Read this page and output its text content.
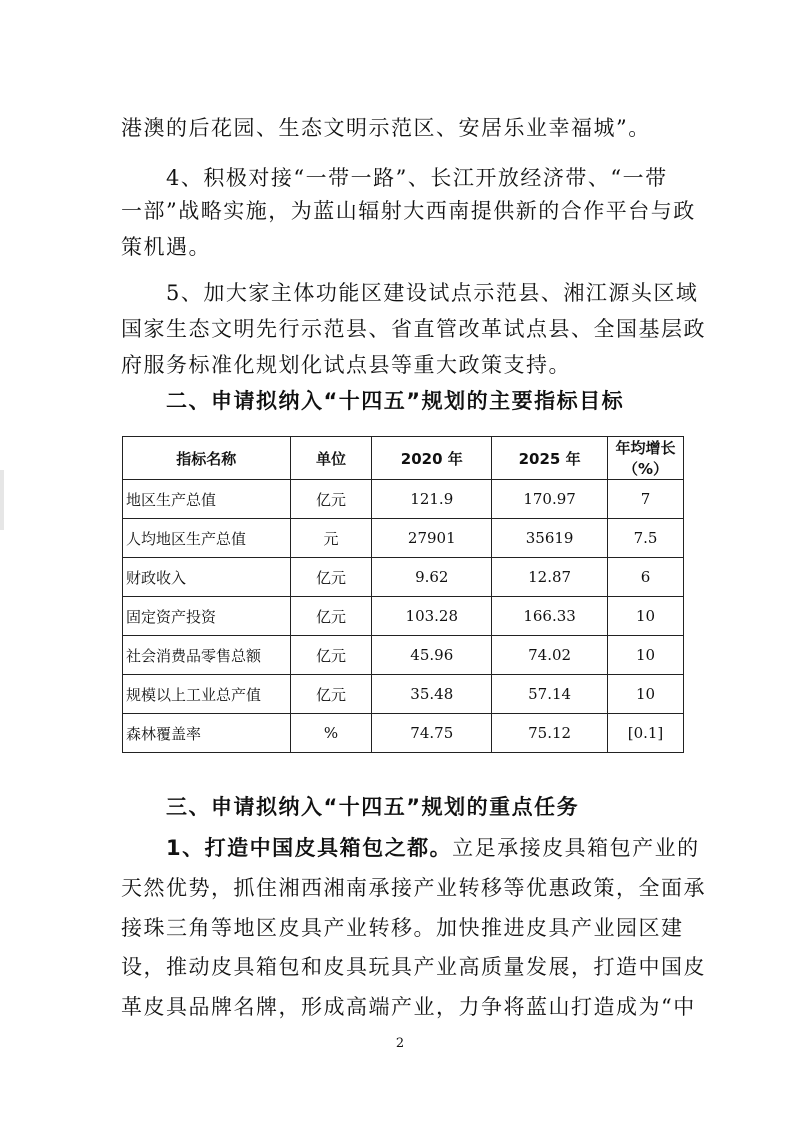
港澳的后花园、生态文明示范区、安居乐业幸福城”。
4、积极对接“一带一路”、长江开放经济带、“一带
一部”战略实施，为蓝山辐射大西南提供新的合作平台与政
策机遇。
5、加大家主体功能区建设试点示范县、湘江源头区域
国家生态文明先行示范县、省直管改革试点县、全国基层政
府服务标准化规划化试点县等重大政策支持。
二、申请拟纳入“十四五”规划的主要指标目标
指标名称	单位	2020 年	2025 年	年均增长（%）
地区生产总值	亿元	121.9	170.97	7
人均地区生产总值	元	27901	35619	7.5
财政收入	亿元	9.62	12.87	6
固定资产投资	亿元	103.28	166.33	10
社会消费品零售总额	亿元	45.96	74.02	10
规模以上工业总产值	亿元	35.48	57.14	10
森林覆盖率	%	74.75	75.12	[0.1]
三、申请拟纳入“十四五”规划的重点任务
1、打造中国皮具箱包之都。立足承接皮具箱包产业的
天然优势，抓住湘西湘南承接产业转移等优惠政策，全面承
接珠三角等地区皮具产业转移。加快推进皮具产业园区建
设，推动皮具箱包和皮具玩具产业高质量发展，打造中国皮
革皮具品牌名牌，形成高端产业，力争将蓝山打造成为“中
2
